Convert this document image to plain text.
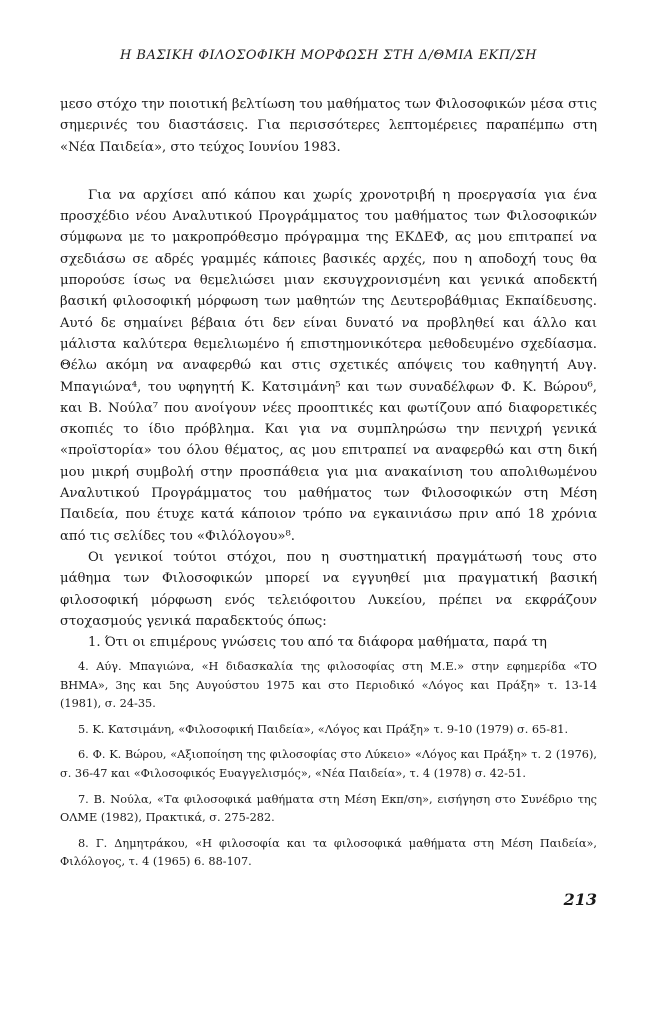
Η ΒΑΣΙΚΗ ΦΙΛΟΣΟΦΙΚΗ ΜΟΡΦΩΣΗ ΣΤΗ Δ/ΘΜΙΑ ΕΚΠ/ΣΗ

μεσο στόχο την ποιοτική βελτίωση του μαθήματος των Φιλοσοφικών μέσα στις σημερινές του διαστάσεις. Για περισσότερες λεπτομέρειες παραπέμπω στη «Νέα Παιδεία», στο τεύχος Ιουνίου 1983.

Για να αρχίσει από κάπου και χωρίς χρονοτριβή η προεργασία για ένα προσχέδιο νέου Αναλυτικού Προγράμματος του μαθήματος των Φιλοσοφικών σύμφωνα με το μακροπρόθεσμο πρόγραμμα της ΕΚΔΕΦ, ας μου επιτραπεί να σχεδιάσω σε αδρές γραμμές κάποιες βασικές αρχές, που η αποδοχή τους θα μπορούσε ίσως να θεμελιώσει μιαν εκσυγχρονισμένη και γενικά αποδεκτή βασική φιλοσοφική μόρφωση των μαθητών της Δευτεροβάθμιας Εκπαίδευσης. Αυτό δε σημαίνει βέβαια ότι δεν είναι δυνατό να προβληθεί και άλλο και μάλιστα καλύτερα θεμελιωμένο ή επιστημονικότερα μεθοδευμένο σχεδίασμα. Θέλω ακόμη να αναφερθώ και στις σχετικές απόψεις του καθηγητή Αυγ. Μπαγιώνα⁴, του υφηγητή Κ. Κατσιμάνη⁵ και των συναδέλφων Φ. Κ. Βώρου⁶, και Β. Νούλα⁷ που ανοίγουν νέες προοπτικές και φωτίζουν από διαφορετικές σκοπιές το ίδιο πρόβλημα. Και για να συμπληρώσω την πενιχρή γενικά «προϊστορία» του όλου θέματος, ας μου επιτραπεί να αναφερθώ και στη δική μου μικρή συμβολή στην προσπάθεια για μια ανακαίνιση του απολιθωμένου Αναλυτικού Προγράμματος του μαθήματος των Φιλοσοφικών στη Μέση Παιδεία, που έτυχε κατά κάποιον τρόπο να εγκαινιάσω πριν από 18 χρόνια από τις σελίδες του «Φιλόλογου»⁸.

Οι γενικοί τούτοι στόχοι, που η συστηματική πραγμάτωσή τους στο μάθημα των Φιλοσοφικών μπορεί να εγγυηθεί μια πραγματική βασική φιλοσοφική μόρφωση ενός τελειόφοιτου Λυκείου, πρέπει να εκφράζουν στοχασμούς γενικά παραδεκτούς όπως:

1. Ότι οι επιμέρους γνώσεις του από τα διάφορα μαθήματα, παρά τη

4. Αύγ. Μπαγιώνα, «Η διδασκαλία της φιλοσοφίας στη Μ.Ε.» στην εφημερίδα «ΤΟ ΒΗΜΑ», 3ης και 5ης Αυγούστου 1975 και στο Περιοδικό «Λόγος και Πράξη» τ. 13-14 (1981), σ. 24-35.

5. Κ. Κατσιμάνη, «Φιλοσοφική Παιδεία», «Λόγος και Πράξη» τ. 9-10 (1979) σ. 65-81.

6. Φ. Κ. Βώρου, «Αξιοποίηση της φιλοσοφίας στο Λύκειο» «Λόγος και Πράξη» τ. 2 (1976), σ. 36-47 και «Φιλοσοφικός Ευαγγελισμός», «Νέα Παιδεία», τ. 4 (1978) σ. 42-51.

7. Β. Νούλα, «Τα φιλοσοφικά μαθήματα στη Μέση Εκπ/ση», εισήγηση στο Συνέδριο της ΟΛΜΕ (1982), Πρακτικά, σ. 275-282.

8. Γ. Δημητράκου, «Η φιλοσοφία και τα φιλοσοφικά μαθήματα στη Μέση Παιδεία», Φιλόλογος, τ. 4 (1965) 6. 88-107.

213
